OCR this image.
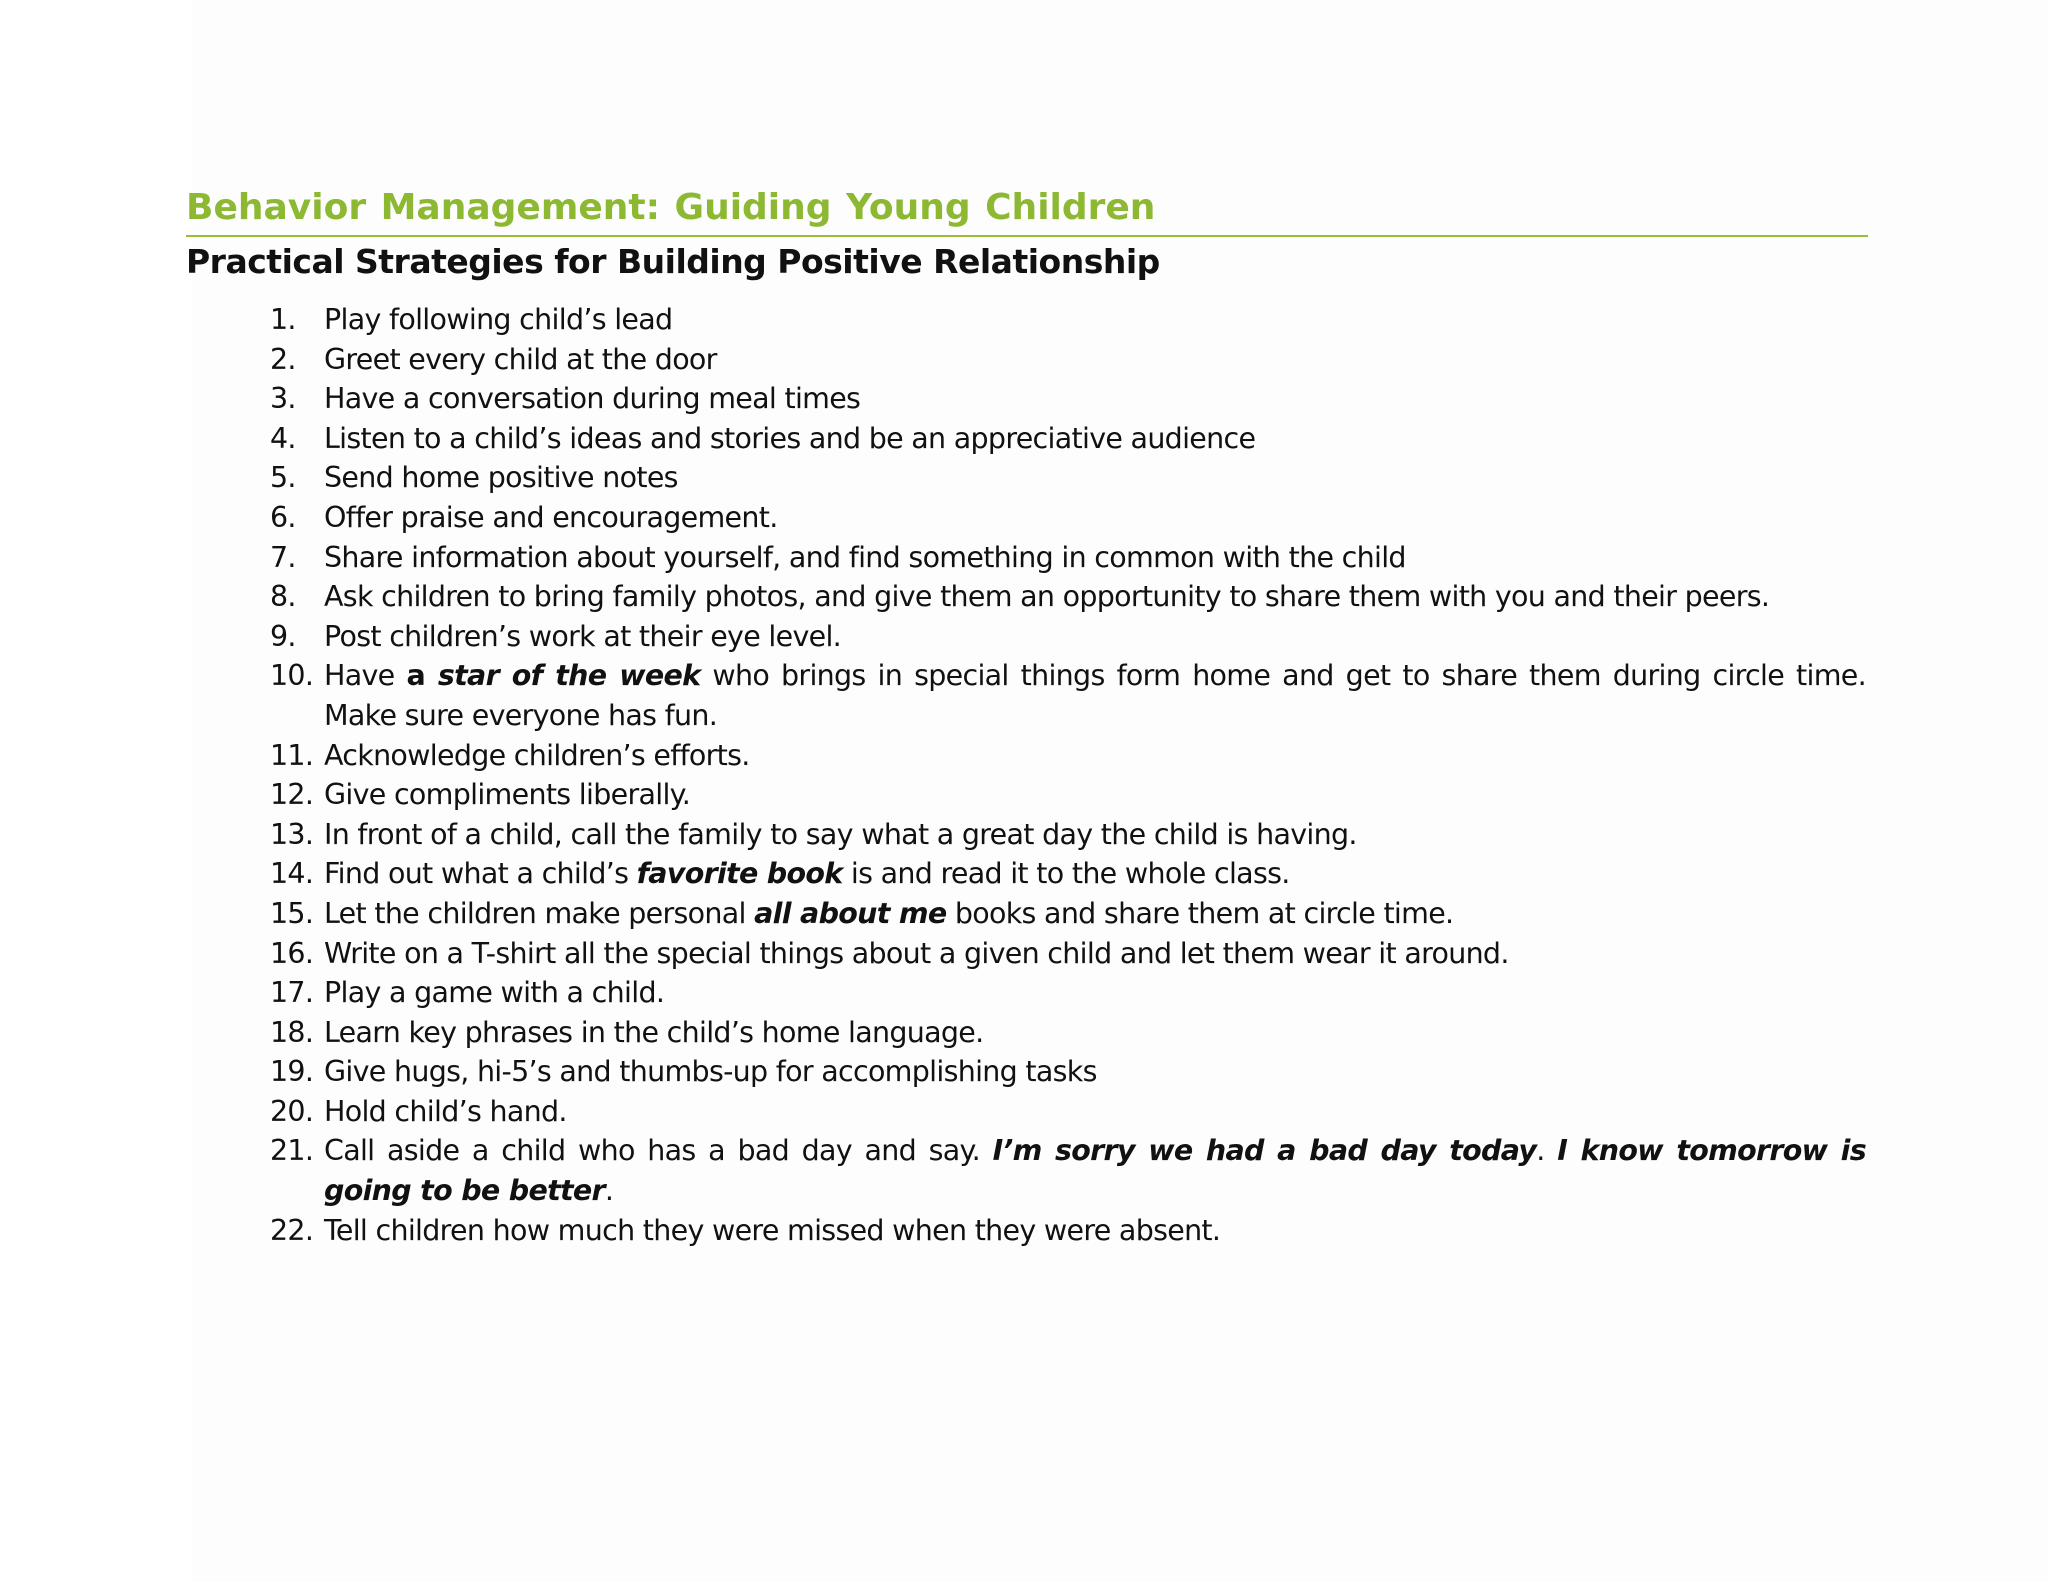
Behavior Management: Guiding Young Children
Practical Strategies for Building Positive Relationship
1. Play following child’s lead
2. Greet every child at the door
3. Have a conversation during meal times
4. Listen to a child’s ideas and stories and be an appreciative audience
5. Send home positive notes
6. Offer praise and encouragement.
7. Share information about yourself, and find something in common with the child
8. Ask children to bring family photos, and give them an opportunity to share them with you and their peers.
9. Post children’s work at their eye level.
10. Have a star of the week who brings in special things form home and get to share them during circle time. Make sure everyone has fun.
11. Acknowledge children’s efforts.
12. Give compliments liberally.
13. In front of a child, call the family to say what a great day the child is having.
14. Find out what a child’s favorite book is and read it to the whole class.
15. Let the children make personal all about me books and share them at circle time.
16. Write on a T-shirt all the special things about a given child and let them wear it around.
17. Play a game with a child.
18. Learn key phrases in the child’s home language.
19. Give hugs, hi-5’s and thumbs-up for accomplishing tasks
20. Hold child’s hand.
21. Call aside a child who has a bad day and say. I’m sorry we had a bad day today. I know tomorrow is going to be better.
22. Tell children how much they were missed when they were absent.
